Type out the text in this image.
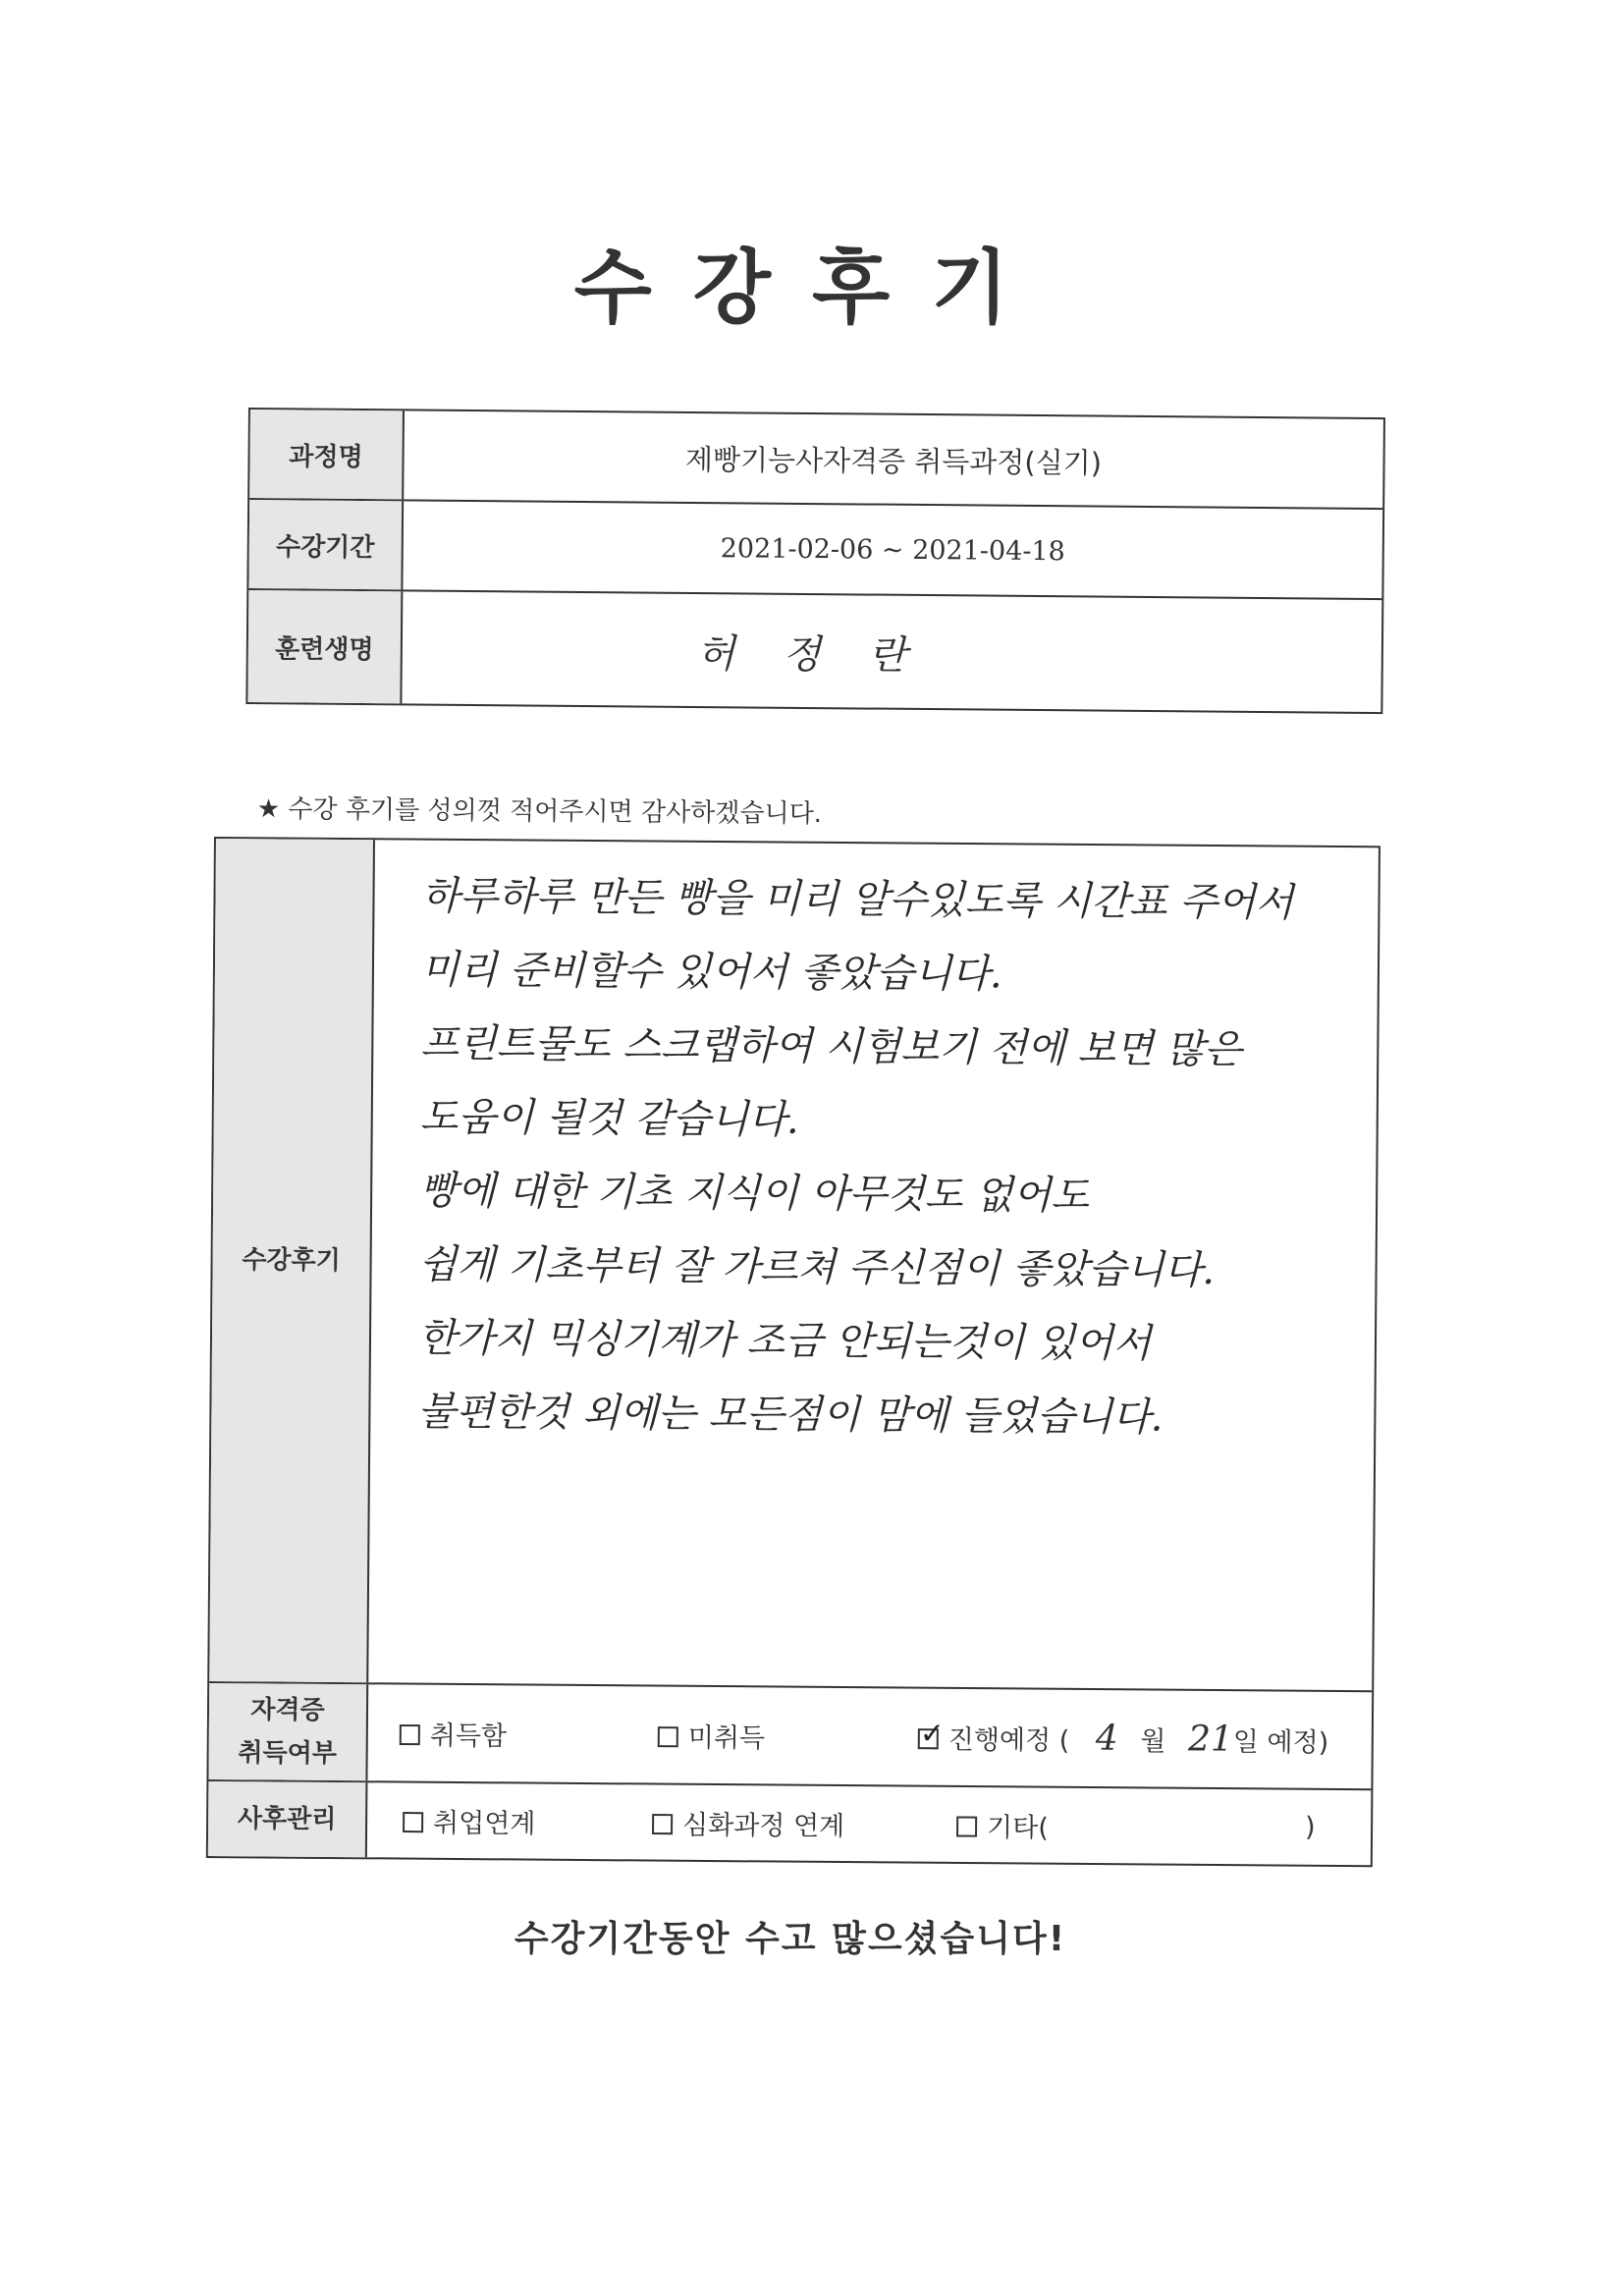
수강후기
과정명	제빵기능사자격증 취득과정(실기)
수강기간	2021-02-06 ~ 2021-04-18
훈련생명	허 정 란
★ 수강 후기를 성의껏 적어주시면 감사하겠습니다.
수강후기
하루하루 만든 빵을 미리 알수있도록 시간표 주어서
미리 준비할수 있어서 좋았습니다.
프린트물도 스크랩하여 시험보기 전에 보면 많은
도움이 될것 같습니다.
빵에 대한 기초 지식이 아무것도 없어도
쉽게 기초부터 잘 가르쳐 주신점이 좋았습니다.
한가지 믹싱기계가 조금 안되는것이 있어서
불편한것 외에는 모든점이 맘에 들었습니다.
자격증
취득여부
취득함	미취득	✓ 진행예정 ( 4 월 21일 예정)
사후관리	취업연계	심화과정 연계	기타(	)
수강기간동안 수고 많으셨습니다!
